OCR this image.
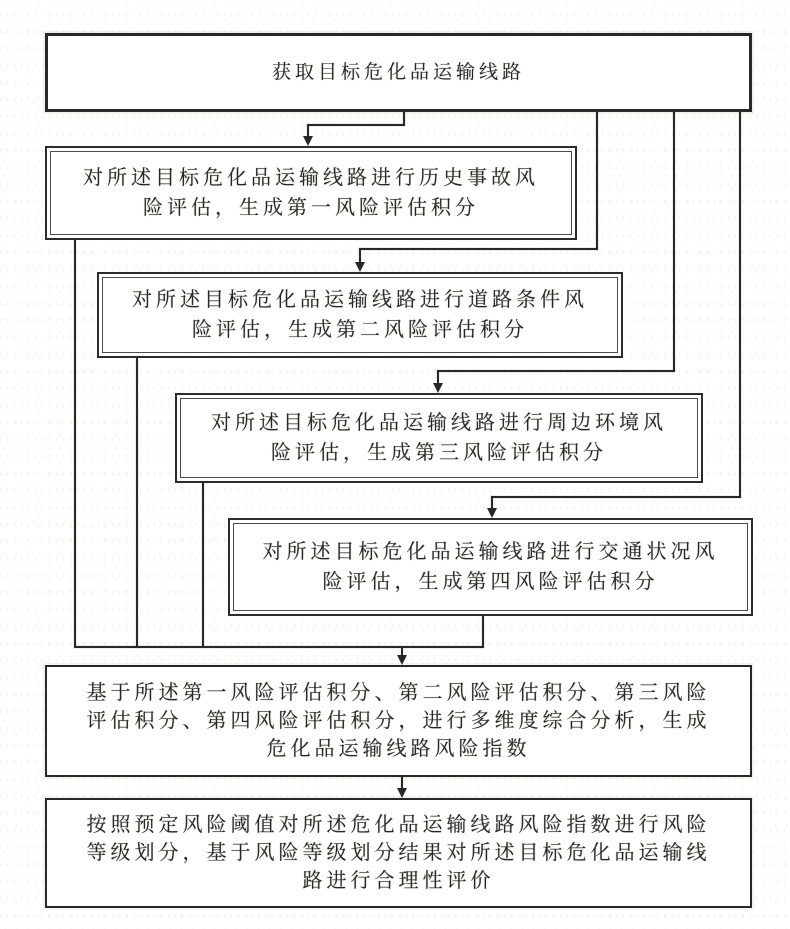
获取目标危化品运输线路
对所述目标危化品运输线路进行历史事故风
险评估，生成第一风险评估积分
对所述目标危化品运输线路进行道路条件风
险评估，生成第二风险评估积分
对所述目标危化品运输线路进行周边环境风
险评估，生成第三风险评估积分
对所述目标危化品运输线路进行交通状况风
险评估，生成第四风险评估积分
基于所述第一风险评估积分、第二风险评估积分、第三风险
评估积分、第四风险评估积分，进行多维度综合分析，生成
危化品运输线路风险指数
按照预定风险阈值对所述危化品运输线路风险指数进行风险
等级划分，基于风险等级划分结果对所述目标危化品运输线
路进行合理性评价
